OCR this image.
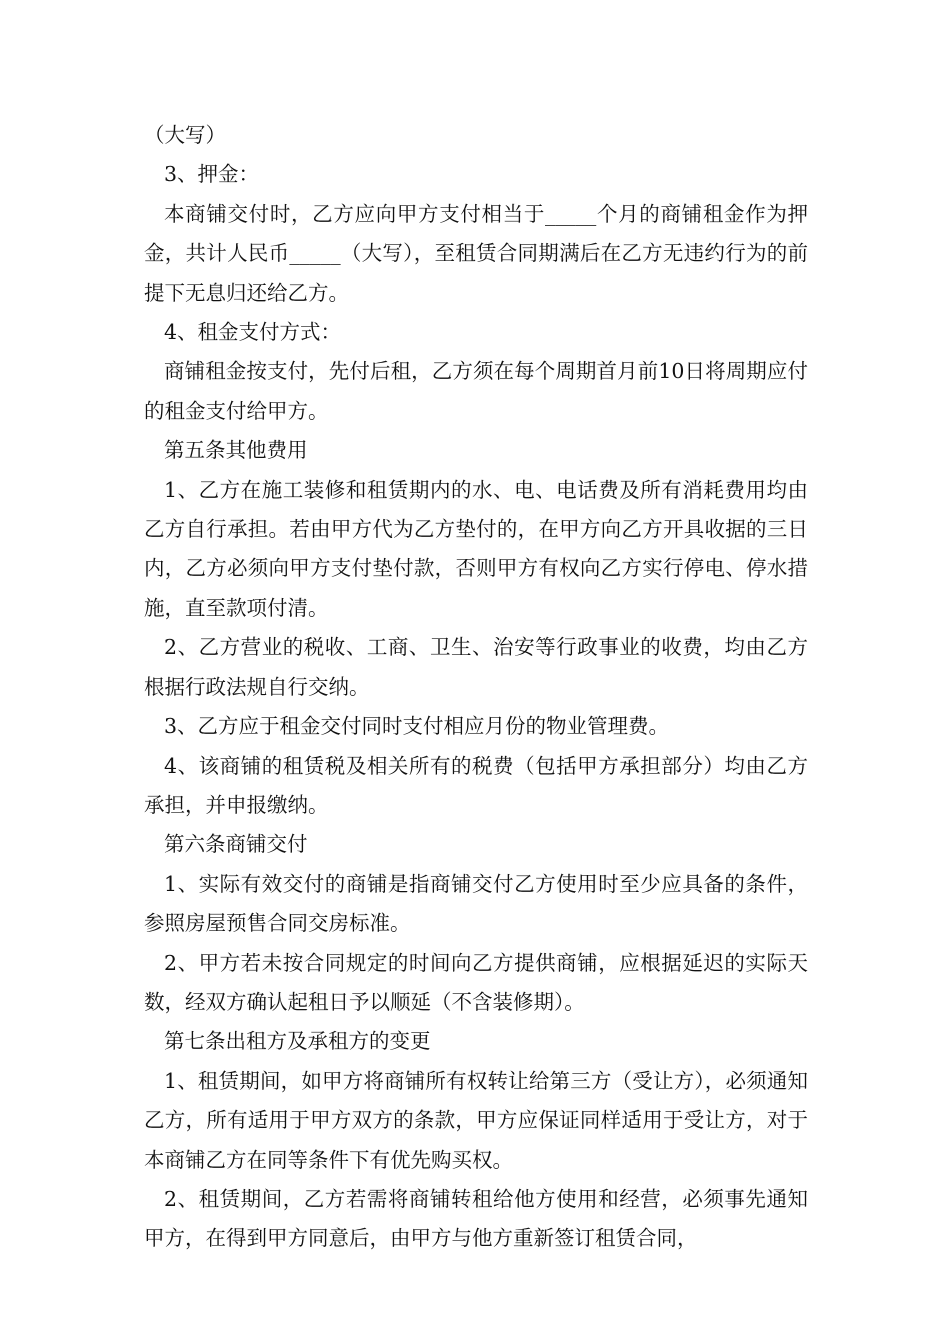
（大写）

3、押金：

本商铺交付时，乙方应向甲方支付相当于_____个月的商铺租金作为押金，共计人民币_____（大写），至租赁合同期满后在乙方无违约行为的前提下无息归还给乙方。

4、租金支付方式：

商铺租金按支付，先付后租，乙方须在每个周期首月前10日将周期应付的租金支付给甲方。

第五条其他费用

1、乙方在施工装修和租赁期内的水、电、电话费及所有消耗费用均由乙方自行承担。若由甲方代为乙方垫付的，在甲方向乙方开具收据的三日内，乙方必须向甲方支付垫付款，否则甲方有权向乙方实行停电、停水措施，直至款项付清。

2、乙方营业的税收、工商、卫生、治安等行政事业的收费，均由乙方根据行政法规自行交纳。

3、乙方应于租金交付同时支付相应月份的物业管理费。

4、该商铺的租赁税及相关所有的税费（包括甲方承担部分）均由乙方承担，并申报缴纳。

第六条商铺交付

1、实际有效交付的商铺是指商铺交付乙方使用时至少应具备的条件，参照房屋预售合同交房标准。

2、甲方若未按合同规定的时间向乙方提供商铺，应根据延迟的实际天数，经双方确认起租日予以顺延（不含装修期）。

第七条出租方及承租方的变更

1、租赁期间，如甲方将商铺所有权转让给第三方（受让方），必须通知乙方，所有适用于甲方双方的条款，甲方应保证同样适用于受让方，对于本商铺乙方在同等条件下有优先购买权。

2、租赁期间，乙方若需将商铺转租给他方使用和经营，必须事先通知甲方，在得到甲方同意后，由甲方与他方重新签订租赁合同，
